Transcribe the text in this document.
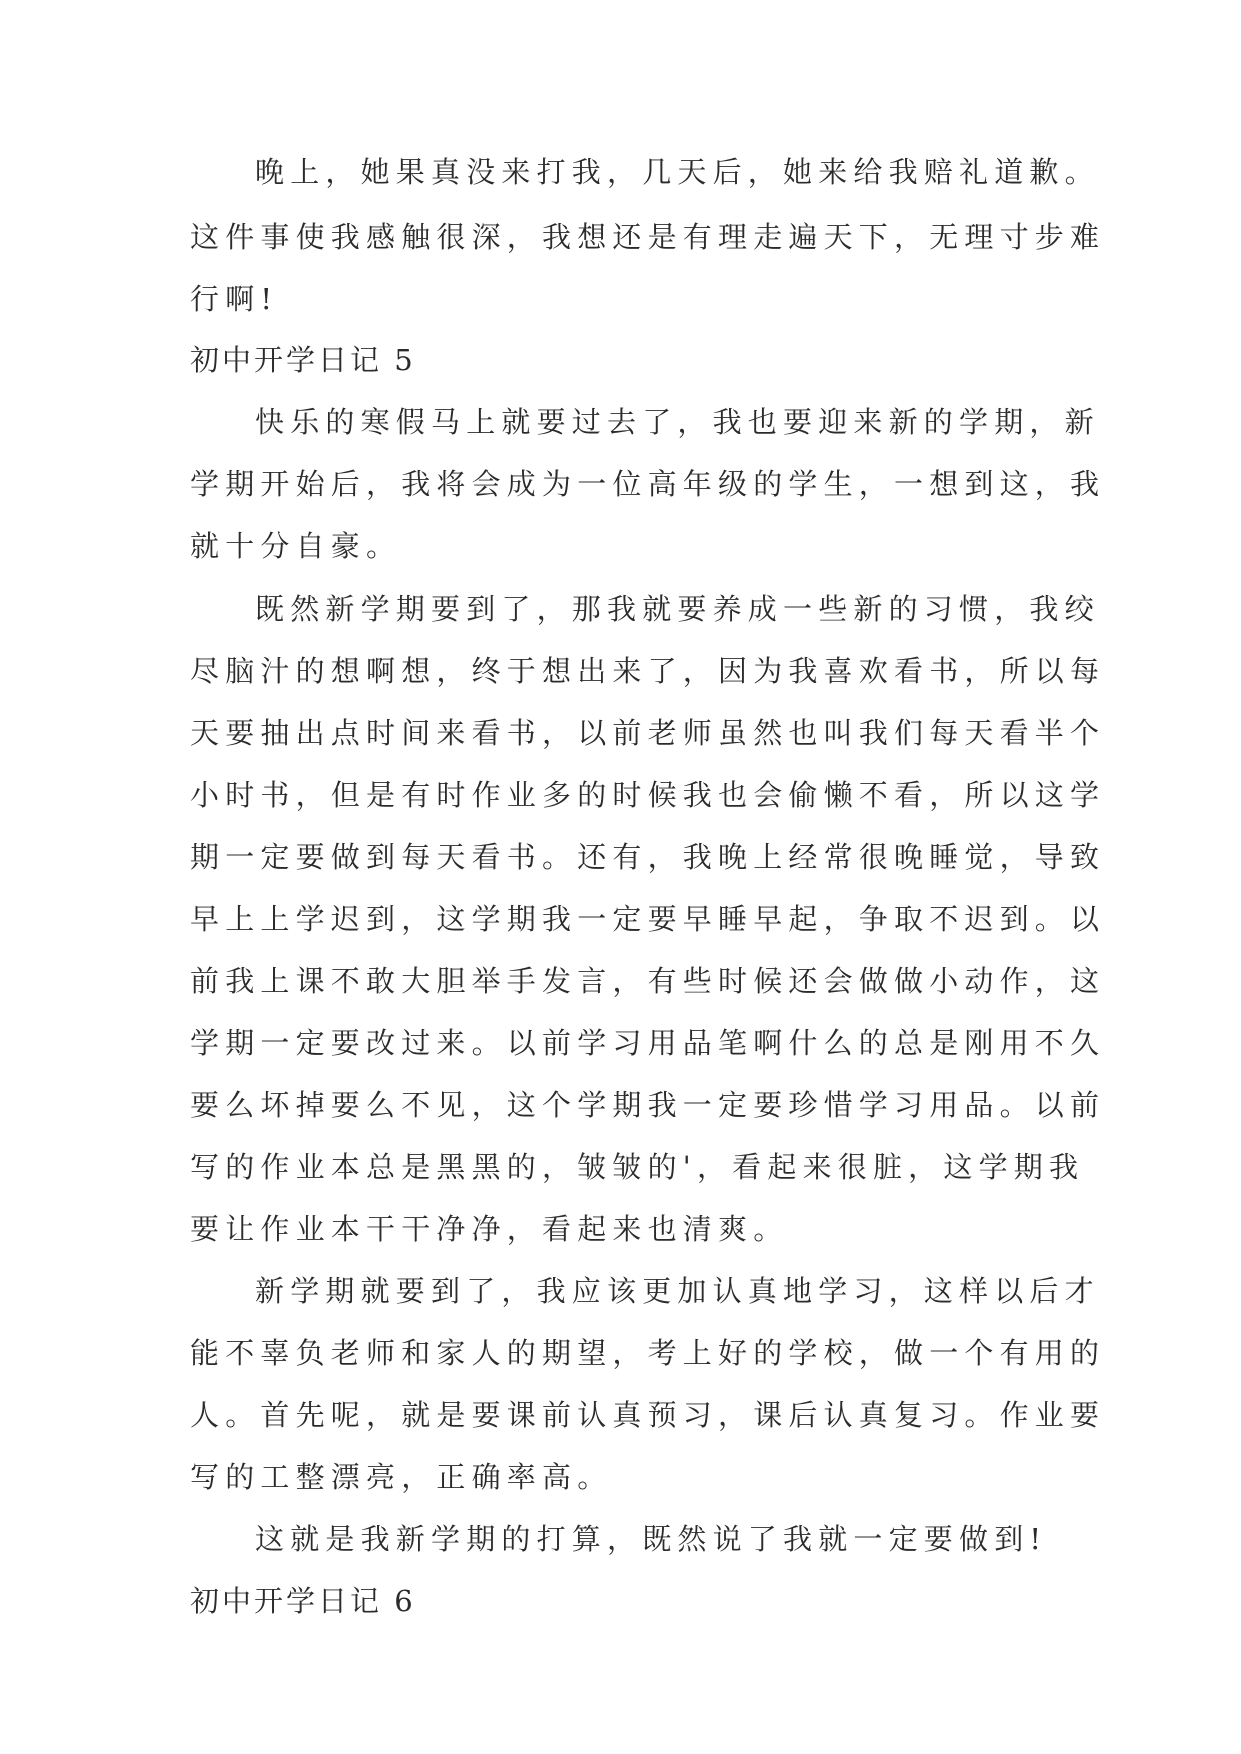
晚上，她果真没来打我，几天后，她来给我赔礼道歉。
这件事使我感触很深，我想还是有理走遍天下，无理寸步难
行啊!
初中开学日记 5
快乐的寒假马上就要过去了，我也要迎来新的学期，新
学期开始后，我将会成为一位高年级的学生，一想到这，我
就十分自豪。
既然新学期要到了，那我就要养成一些新的习惯，我绞
尽脑汁的想啊想，终于想出来了，因为我喜欢看书，所以每
天要抽出点时间来看书，以前老师虽然也叫我们每天看半个
小时书，但是有时作业多的时候我也会偷懒不看，所以这学
期一定要做到每天看书。还有，我晚上经常很晚睡觉，导致
早上上学迟到，这学期我一定要早睡早起，争取不迟到。以
前我上课不敢大胆举手发言，有些时候还会做做小动作，这
学期一定要改过来。以前学习用品笔啊什么的总是刚用不久
要么坏掉要么不见，这个学期我一定要珍惜学习用品。以前
写的作业本总是黑黑的，皱皱的'，看起来很脏，这学期我
要让作业本干干净净，看起来也清爽。
新学期就要到了，我应该更加认真地学习，这样以后才
能不辜负老师和家人的期望，考上好的学校，做一个有用的
人。首先呢，就是要课前认真预习，课后认真复习。作业要
写的工整漂亮，正确率高。
这就是我新学期的打算，既然说了我就一定要做到!
初中开学日记 6
